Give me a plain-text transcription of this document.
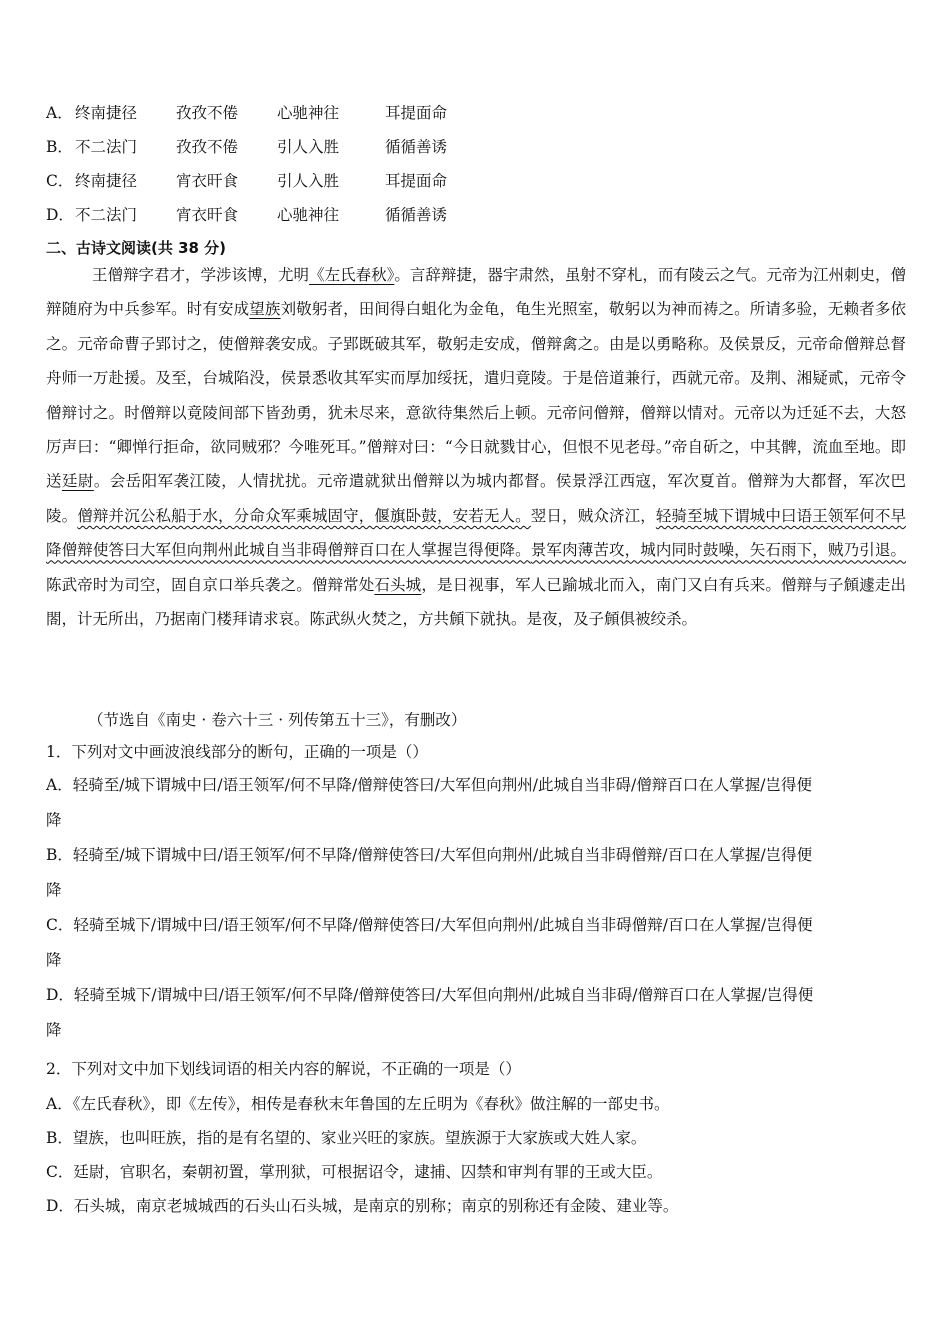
A． 终南捷径	孜孜不倦	心驰神往	耳提面命
B． 不二法门	孜孜不倦	引人入胜	循循善诱
C． 终南捷径	宵衣旰食	引人入胜	耳提面命
D． 不二法门	宵衣旰食	心驰神往	循循善诱
二、古诗文阅读(共 38 分)
王僧辩字君才，学涉该博，尤明《左氏春秋》。言辞辩捷，器宇肃然，虽射不穿札，而有陵云之气。元帝为江州刺史，僧辩随府为中兵参军。时有安成望族刘敬躬者，田间得白蛆化为金龟，龟生光照室，敬躬以为神而祷之。所请多验，无赖者多依之。元帝命曹子郢讨之，使僧辩袭安成。子郢既破其军，敬躬走安成，僧辩禽之。由是以勇略称。及侯景反，元帝命僧辩总督舟师一万赴援。及至，台城陷没，侯景悉收其军实而厚加绥抚，遣归竟陵。于是倍道兼行，西就元帝。及荆、湘疑贰，元帝令僧辩讨之。时僧辩以竟陵间部下皆劲勇，犹未尽来，意欲待集然后上顿。元帝问僧辩，僧辩以情对。元帝以为迁延不去，大怒厉声曰：“卿惮行拒命，欲同贼邪？今唯死耳。”僧辩对曰：“今日就戮甘心，但恨不见老母。”帝自斫之，中其髀，流血至地。即送廷尉。会岳阳军袭江陵，人情扰扰。元帝遣就狱出僧辩以为城内都督。侯景浮江西寇，军次夏首。僧辩为大都督，军次巴陵。僧辩并沉公私船于水，分命众军乘城固守，偃旗卧鼓，安若无人。翌日，贼众济江，轻骑至城下谓城中曰语王领军何不早降僧辩使答曰大军但向荆州此城自当非碍僧辩百口在人掌握岂得便降。景军肉薄苦攻，城内同时鼓噪，矢石雨下，贼乃引退。陈武帝时为司空，固自京口举兵袭之。僧辩常处石头城，是日视事，军人已踰城北而入，南门又白有兵来。僧辩与子頠遽走出閤，计无所出，乃据南门楼拜请求哀。陈武纵火焚之，方共頠下就执。是夜，及子頠俱被绞杀。
（节选自《南史 · 卷六十三 · 列传第五十三》，有删改）
1．下列对文中画波浪线部分的断句，正确的一项是（）
A．轻骑至/城下谓城中曰/语王领军/何不早降/僧辩使答曰/大军但向荆州/此城自当非碍/僧辩百口在人掌握/岂得便
降
B．轻骑至/城下谓城中曰/语王领军/何不早降/僧辩使答曰/大军但向荆州/此城自当非碍僧辩/百口在人掌握/岂得便
降
C．轻骑至城下/谓城中曰/语王领军/何不早降/僧辩使答曰/大军但向荆州/此城自当非碍僧辩/百口在人掌握/岂得便
降
D．轻骑至城下/谓城中曰/语王领军/何不早降/僧辩使答曰/大军但向荆州/此城自当非碍/僧辩百口在人掌握/岂得便
降
2．下列对文中加下划线词语的相关内容的解说，不正确的一项是（）
A．《左氏春秋》，即《左传》，相传是春秋末年鲁国的左丘明为《春秋》做注解的一部史书。
B．望族，也叫旺族，指的是有名望的、家业兴旺的家族。望族源于大家族或大姓人家。
C．廷尉，官职名，秦朝初置，掌刑狱，可根据诏令，逮捕、囚禁和审判有罪的王或大臣。
D．石头城，南京老城城西的石头山石头城，是南京的别称；南京的别称还有金陵、建业等。
